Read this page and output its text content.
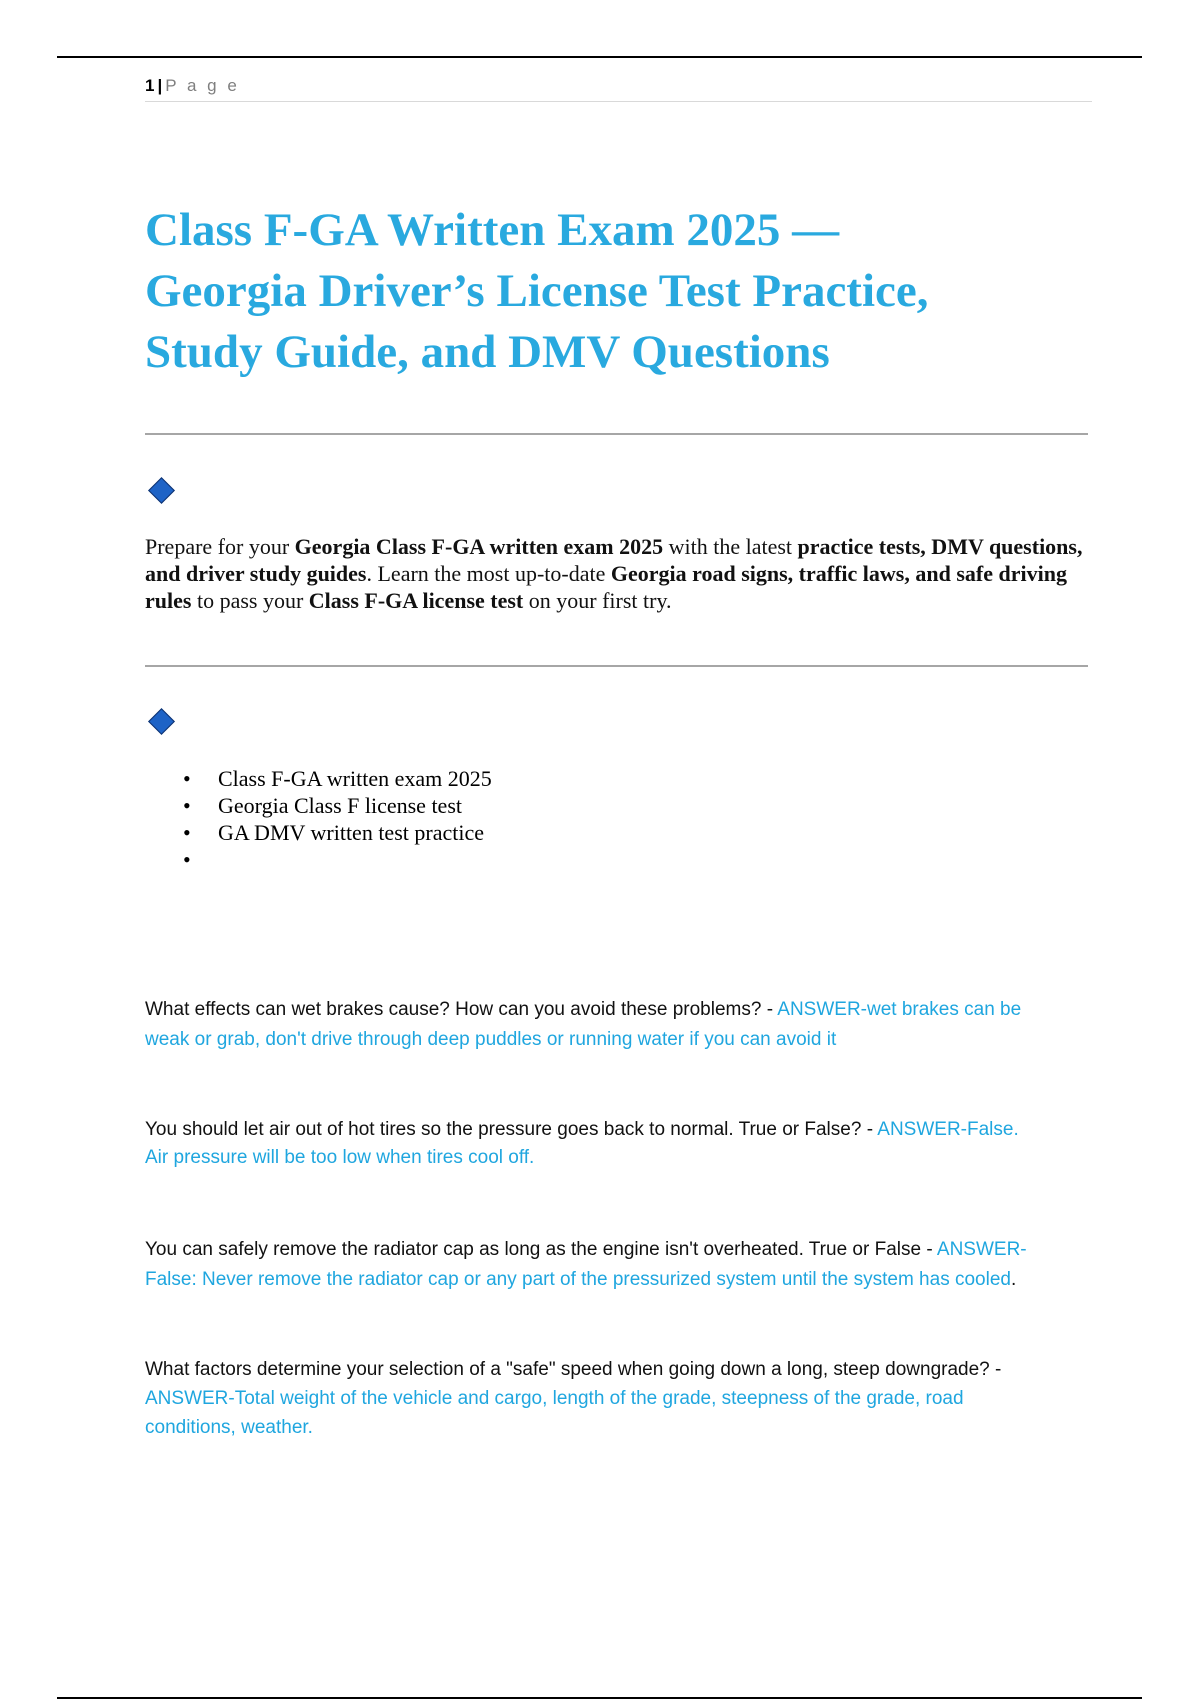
1 | P a g e
Class F-GA Written Exam 2025 —
Georgia Driver’s License Test Practice,
Study Guide, and DMV Questions

Prepare for your Georgia Class F-GA written exam 2025 with the latest practice tests, DMV questions, and driver study guides. Learn the most up-to-date Georgia road signs, traffic laws, and safe driving rules to pass your Class F-GA license test on your first try.

• Class F-GA written exam 2025
• Georgia Class F license test
• GA DMV written test practice
•
What effects can wet brakes cause? How can you avoid these problems? - ANSWER-wet brakes can be
weak or grab, don't drive through deep puddles or running water if you can avoid it
You should let air out of hot tires so the pressure goes back to normal. True or False? - ANSWER-False.
Air pressure will be too low when tires cool off.
You can safely remove the radiator cap as long as the engine isn't overheated. True or False - ANSWER-
False: Never remove the radiator cap or any part of the pressurized system until the system has cooled.
What factors determine your selection of a "safe" speed when going down a long, steep downgrade? -
ANSWER-Total weight of the vehicle and cargo, length of the grade, steepness of the grade, road
conditions, weather.
